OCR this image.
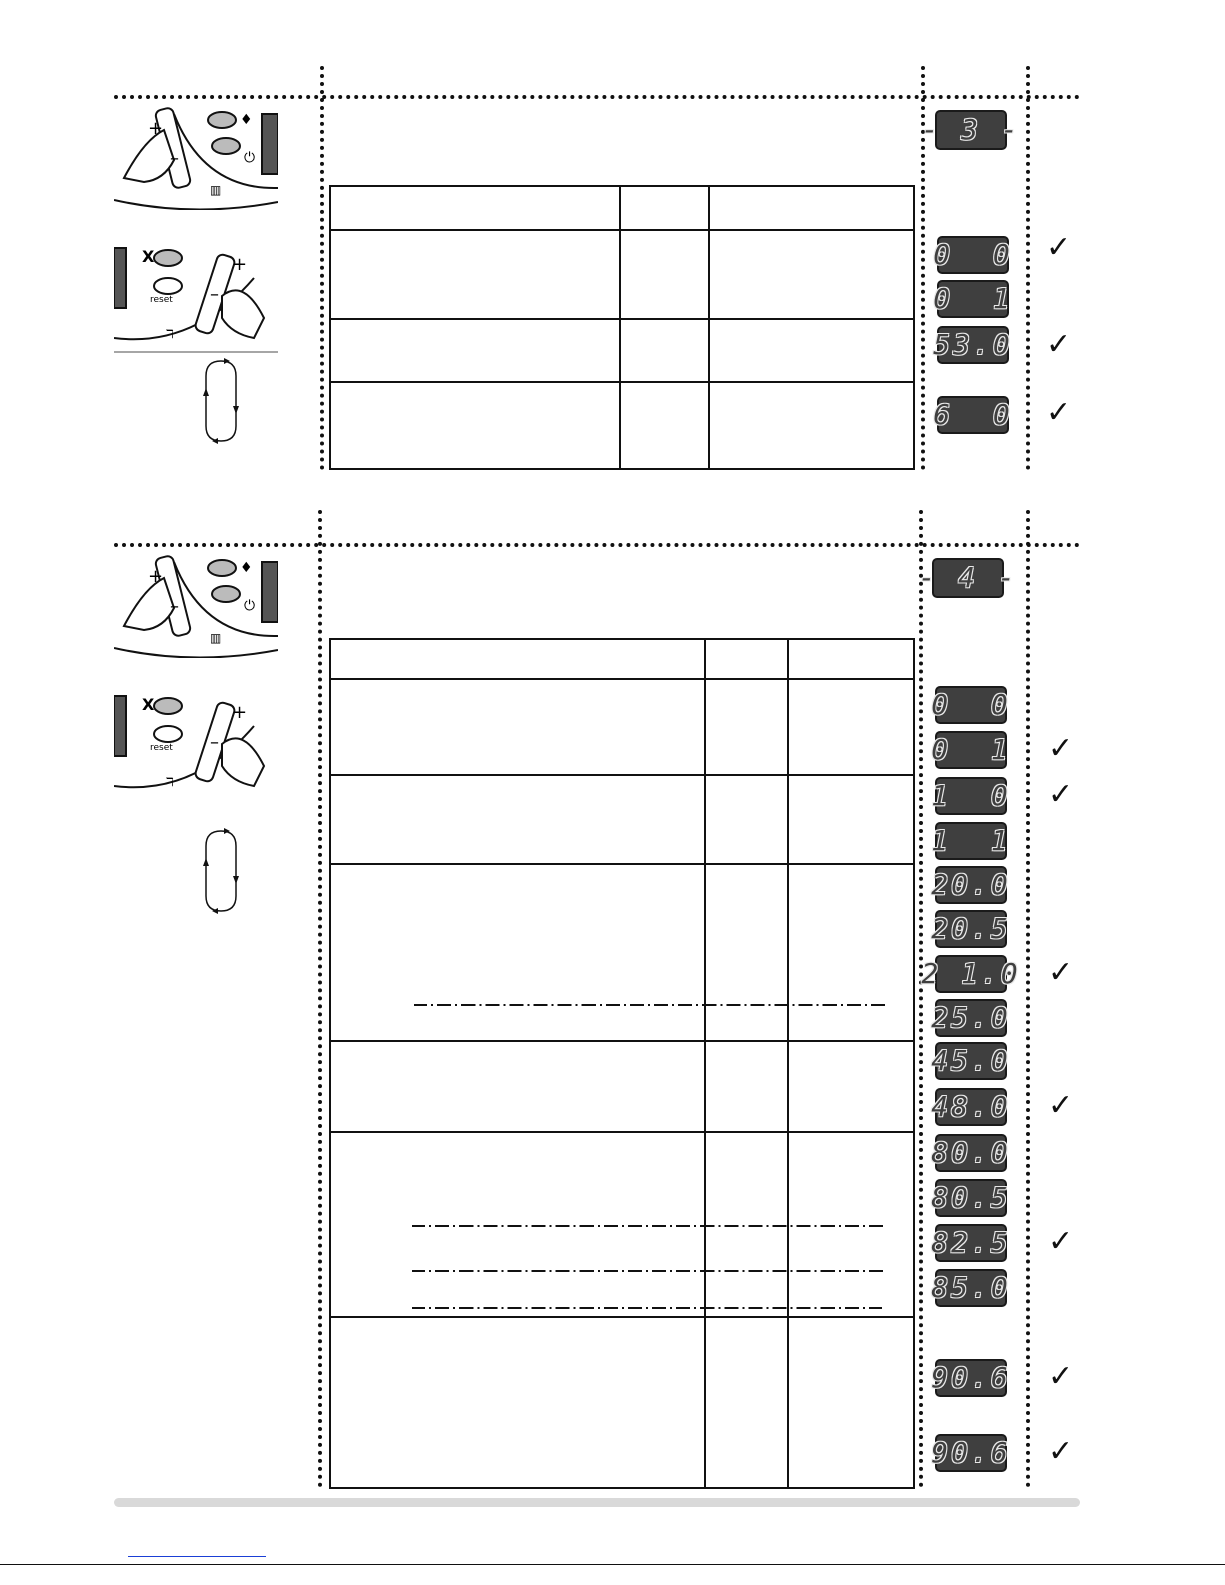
♦
⏻
+
–
▥
X
reset
+
–
ℸ
- 3 -
0  0
0  1
53.0
6  0
✓
✓
✓
♦
⏻
+
–
▥
X
reset
+
–
ℸ
- 4 -
0  0
0  1
1  0
1  1
20.0
20.5
2 1.0
25.0
45.0
48.0
80.0
80.5
82.5
85.0
90.6
90.6
✓
✓
✓
✓
✓
✓
✓
